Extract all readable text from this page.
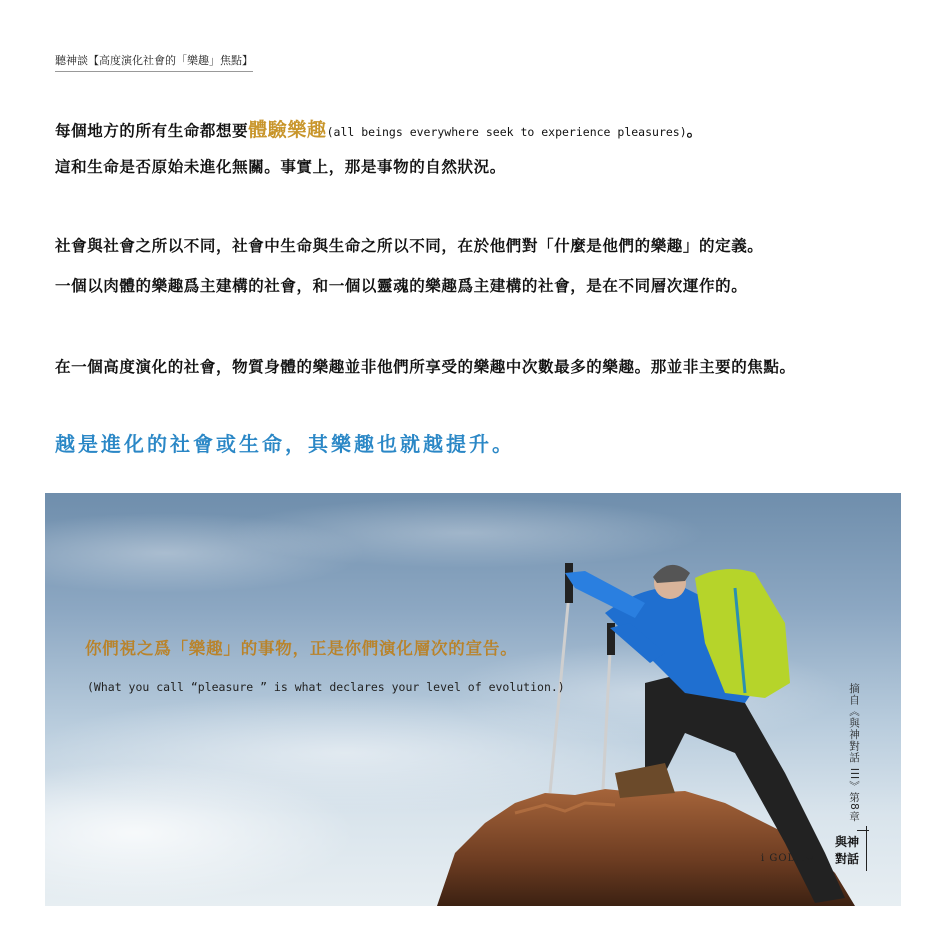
聽神談【高度演化社會的「樂趣」焦點】
每個地方的所有生命都想要體驗樂趣(all beings everywhere seek to experience pleasures)。
這和生命是否原始未進化無關。事實上，那是事物的自然狀況。
社會與社會之所以不同，社會中生命與生命之所以不同，在於他們對「什麼是他們的樂趣」的定義。
一個以肉體的樂趣爲主建構的社會，和一個以靈魂的樂趣爲主建構的社會，是在不同層次運作的。
在一個高度演化的社會，物質身體的樂趣並非他們所享受的樂趣中次數最多的樂趣。那並非主要的焦點。
越是進化的社會或生命，其樂趣也就越提升。
你們視之爲「樂趣」的事物，正是你們演化層次的宣告。
(What you call “pleasure ” is what declares your level of evolution.)	摘自《與神對話 III》第8章
與神
對話
i GOD.tw
